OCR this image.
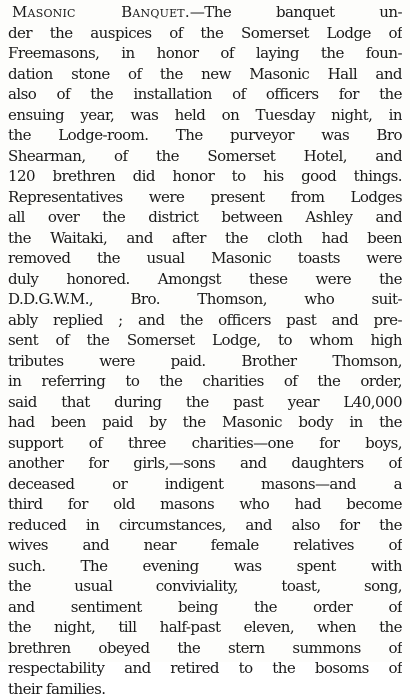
Masonic Banquet.—The banquet un-
der the auspices of the Somerset Lodge of
Freemasons, in honor of laying the foun-
dation stone of the new Masonic Hall and
also of the installation of officers for the
ensuing year, was held on Tuesday night, in
the Lodge-room. The purveyor was Bro
Shearman, of the Somerset Hotel, and
120 brethren did honor to his good things.
Representatives were present from Lodges
all over the district between Ashley and
the Waitaki, and after the cloth had been
removed the usual Masonic toasts were
duly honored. Amongst these were the
D.D.G.W.M., Bro. Thomson, who suit-
ably replied ; and the officers past and pre-
sent of the Somerset Lodge, to whom high
tributes were paid. Brother Thomson,
in referring to the charities of the order,
said that during the past year L40,000
had been paid by the Masonic body in the
support of three charities—one for boys,
another for girls,—sons and daughters of
deceased or indigent masons—and a
third for old masons who had become
reduced in circumstances, and also for the
wives and near female relatives of
such. The evening was spent with
the usual conviviality, toast, song,
and sentiment being the order of
the night, till half-past eleven, when the
brethren obeyed the stern summons of
respectability and retired to the bosoms of
their families.
